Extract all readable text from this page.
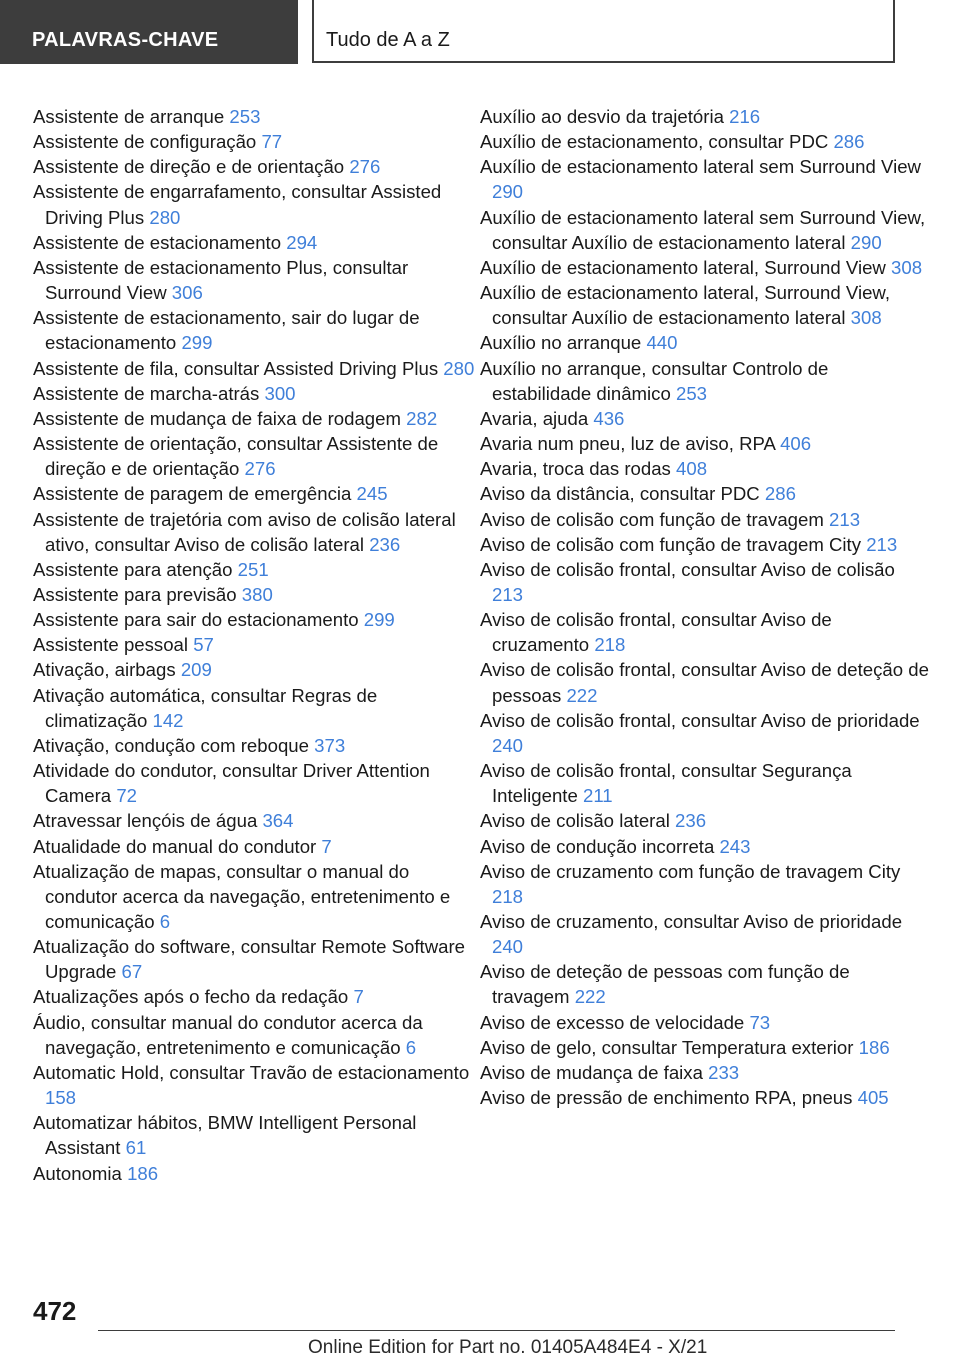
PALAVRAS-CHAVE	Tudo de A a Z

Assistente de arranque 253

Assistente de configuração 77

Assistente de direção e de orientação 276

Assistente de engarrafamento, consultar Assisted Driving Plus 280

Assistente de estacionamento 294

Assistente de estacionamento Plus, consultar Surround View 306

Assistente de estacionamento, sair do lugar de estacionamento 299

Assistente de fila, consultar Assisted Driving Plus 280

Assistente de marcha-atrás 300

Assistente de mudança de faixa de rodagem 282

Assistente de orientação, consultar Assistente de direção e de orientação 276

Assistente de paragem de emergência 245

Assistente de trajetória com aviso de colisão lateral ativo, consultar Aviso de colisão lateral 236

Assistente para atenção 251

Assistente para previsão 380

Assistente para sair do estacionamento 299

Assistente pessoal 57

Ativação, airbags 209

Ativação automática, consultar Regras de climatização 142

Ativação, condução com reboque 373

Atividade do condutor, consultar Driver Attention Camera 72

Atravessar lençóis de água 364

Atualidade do manual do condutor 7

Atualização de mapas, consultar o manual do condutor acerca da navegação, entretenimento e comunicação 6

Atualização do software, consultar Remote Software Upgrade 67

Atualizações após o fecho da redação 7

Áudio, consultar manual do condutor acerca da navegação, entretenimento e comunicação 6

Automatic Hold, consultar Travão de estacionamento 158

Automatizar hábitos, BMW Intelligent Personal Assistant 61

Autonomia 186

Auxílio ao desvio da trajetória 216

Auxílio de estacionamento, consultar PDC 286

Auxílio de estacionamento lateral sem Surround View 290

Auxílio de estacionamento lateral sem Surround View, consultar Auxílio de estacionamento lateral 290

Auxílio de estacionamento lateral, Surround View 308

Auxílio de estacionamento lateral, Surround View, consultar Auxílio de estacionamento lateral 308

Auxílio no arranque 440

Auxílio no arranque, consultar Controlo de estabilidade dinâmico 253

Avaria, ajuda 436

Avaria num pneu, luz de aviso, RPA 406

Avaria, troca das rodas 408

Aviso da distância, consultar PDC 286

Aviso de colisão com função de travagem 213

Aviso de colisão com função de travagem City 213

Aviso de colisão frontal, consultar Aviso de colisão 213

Aviso de colisão frontal, consultar Aviso de cruzamento 218

Aviso de colisão frontal, consultar Aviso de deteção de pessoas 222

Aviso de colisão frontal, consultar Aviso de prioridade 240

Aviso de colisão frontal, consultar Segurança Inteligente 211

Aviso de colisão lateral 236

Aviso de condução incorreta 243

Aviso de cruzamento com função de travagem City 218

Aviso de cruzamento, consultar Aviso de prioridade 240

Aviso de deteção de pessoas com função de travagem 222

Aviso de excesso de velocidade 73

Aviso de gelo, consultar Temperatura exterior 186

Aviso de mudança de faixa 233

Aviso de pressão de enchimento RPA, pneus 405

472
Online Edition for Part no. 01405A484E4 - X/21
